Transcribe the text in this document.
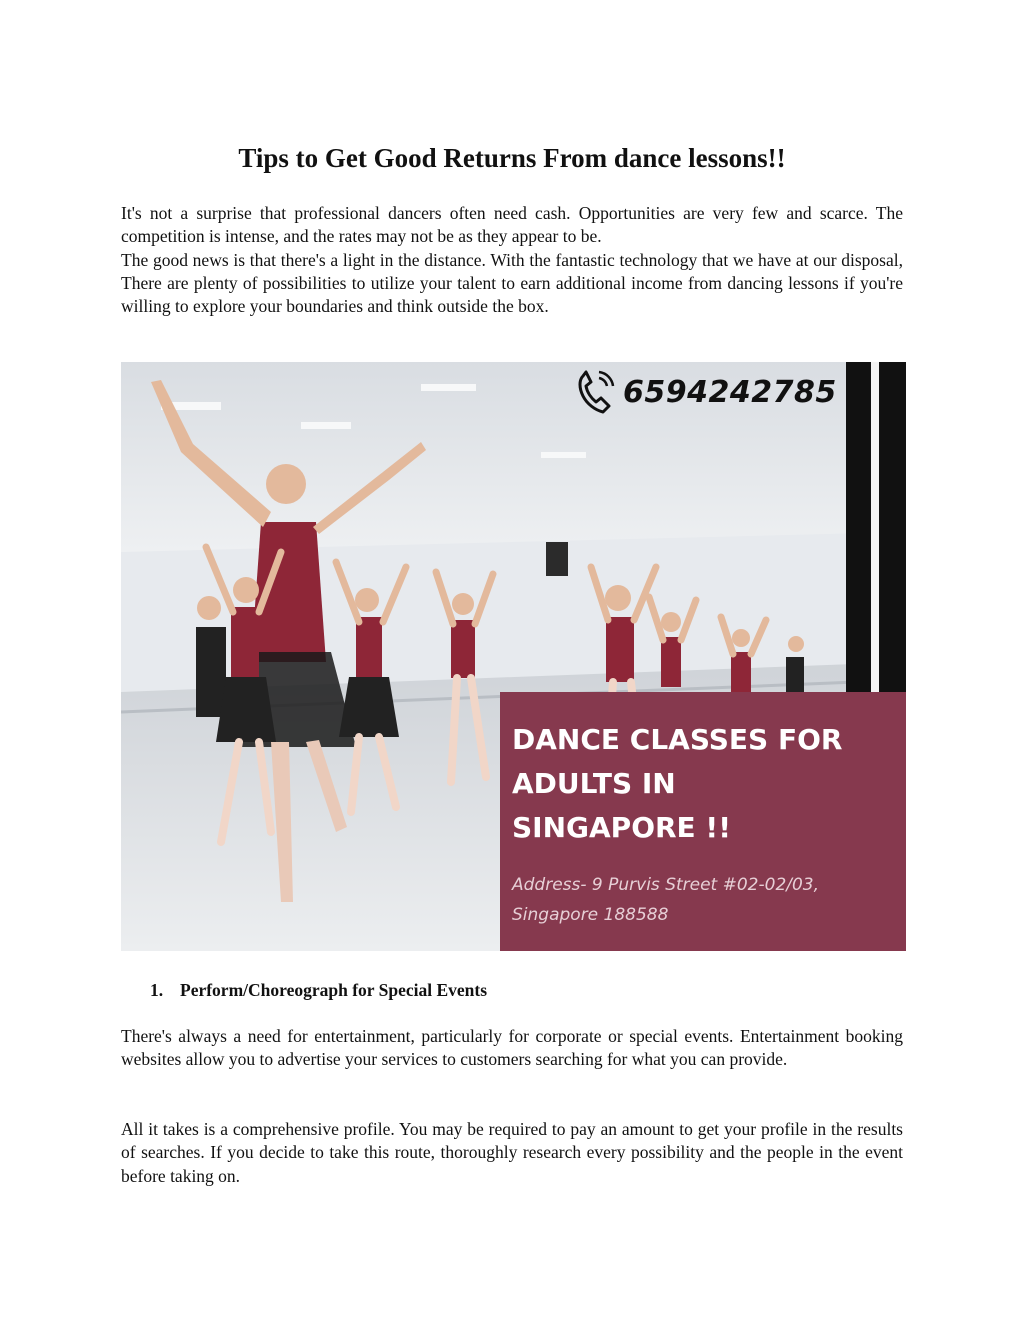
Tips to Get Good Returns From dance lessons!!

It's not a surprise that professional dancers often need cash. Opportunities are very few and scarce. The competition is intense, and the rates may not be as they appear to be.
The good news is that there's a light in the distance. With the fantastic technology that we have at our disposal, There are plenty of possibilities to utilize your talent to earn additional income from dancing lessons if you're willing to explore your boundaries and think outside the box.

6594242785

DANCE CLASSES FOR
ADULTS IN
SINGAPORE !!

Address- 9 Purvis Street #02-02/03,
Singapore 188588

1. Perform/Choreograph for Special Events

There's always a need for entertainment, particularly for corporate or special events. Entertainment booking websites allow you to advertise your services to customers searching for what you can provide.

All it takes is a comprehensive profile. You may be required to pay an amount to get your profile in the results of searches. If you decide to take this route, thoroughly research every possibility and the people in the event before taking on.
